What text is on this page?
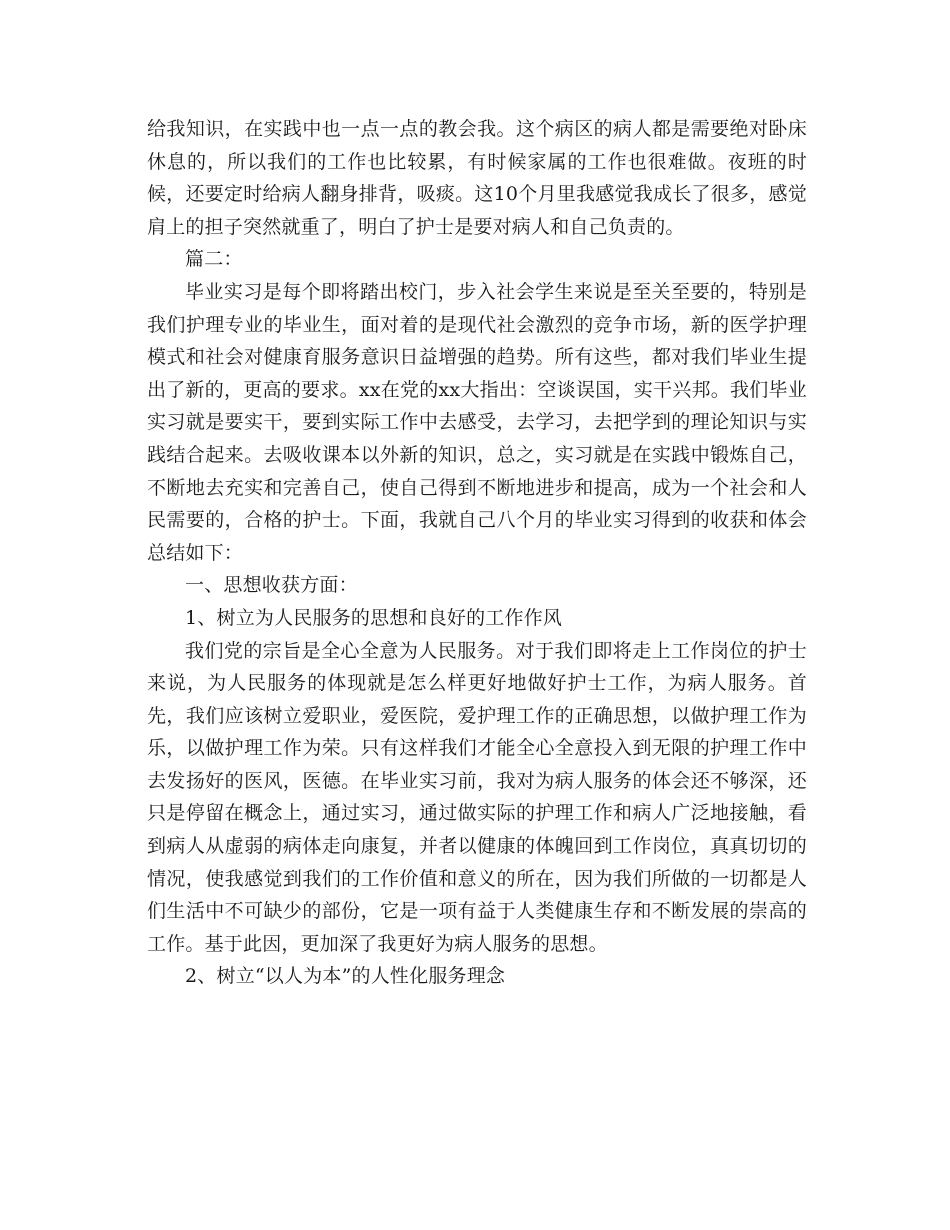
给我知识，在实践中也一点一点的教会我。这个病区的病人都是需要绝对卧床休息的，所以我们的工作也比较累，有时候家属的工作也很难做。夜班的时候，还要定时给病人翻身排背，吸痰。这10个月里我感觉我成长了很多，感觉肩上的担子突然就重了，明白了护士是要对病人和自己负责的。

篇二：

毕业实习是每个即将踏出校门，步入社会学生来说是至关至要的，特别是我们护理专业的毕业生，面对着的是现代社会激烈的竞争市场，新的医学护理模式和社会对健康育服务意识日益增强的趋势。所有这些，都对我们毕业生提出了新的，更高的要求。xx在党的xx大指出：空谈误国，实干兴邦。我们毕业实习就是要实干，要到实际工作中去感受，去学习，去把学到的理论知识与实践结合起来。去吸收课本以外新的知识，总之，实习就是在实践中锻炼自己，不断地去充实和完善自己，使自己得到不断地进步和提高，成为一个社会和人民需要的，合格的护士。下面，我就自己八个月的毕业实习得到的收获和体会总结如下：

一、思想收获方面：

1、树立为人民服务的思想和良好的工作作风

我们党的宗旨是全心全意为人民服务。对于我们即将走上工作岗位的护士来说，为人民服务的体现就是怎么样更好地做好护士工作，为病人服务。首先，我们应该树立爱职业，爱医院，爱护理工作的正确思想，以做护理工作为乐，以做护理工作为荣。只有这样我们才能全心全意投入到无限的护理工作中去发扬好的医风，医德。在毕业实习前，我对为病人服务的体会还不够深，还只是停留在概念上，通过实习，通过做实际的护理工作和病人广泛地接触，看到病人从虚弱的病体走向康复，并者以健康的体魄回到工作岗位，真真切切的情况，使我感觉到我们的工作价值和意义的所在，因为我们所做的一切都是人们生活中不可缺少的部份，它是一项有益于人类健康生存和不断发展的崇高的工作。基于此因，更加深了我更好为病人服务的思想。

2、树立“以人为本”的人性化服务理念
